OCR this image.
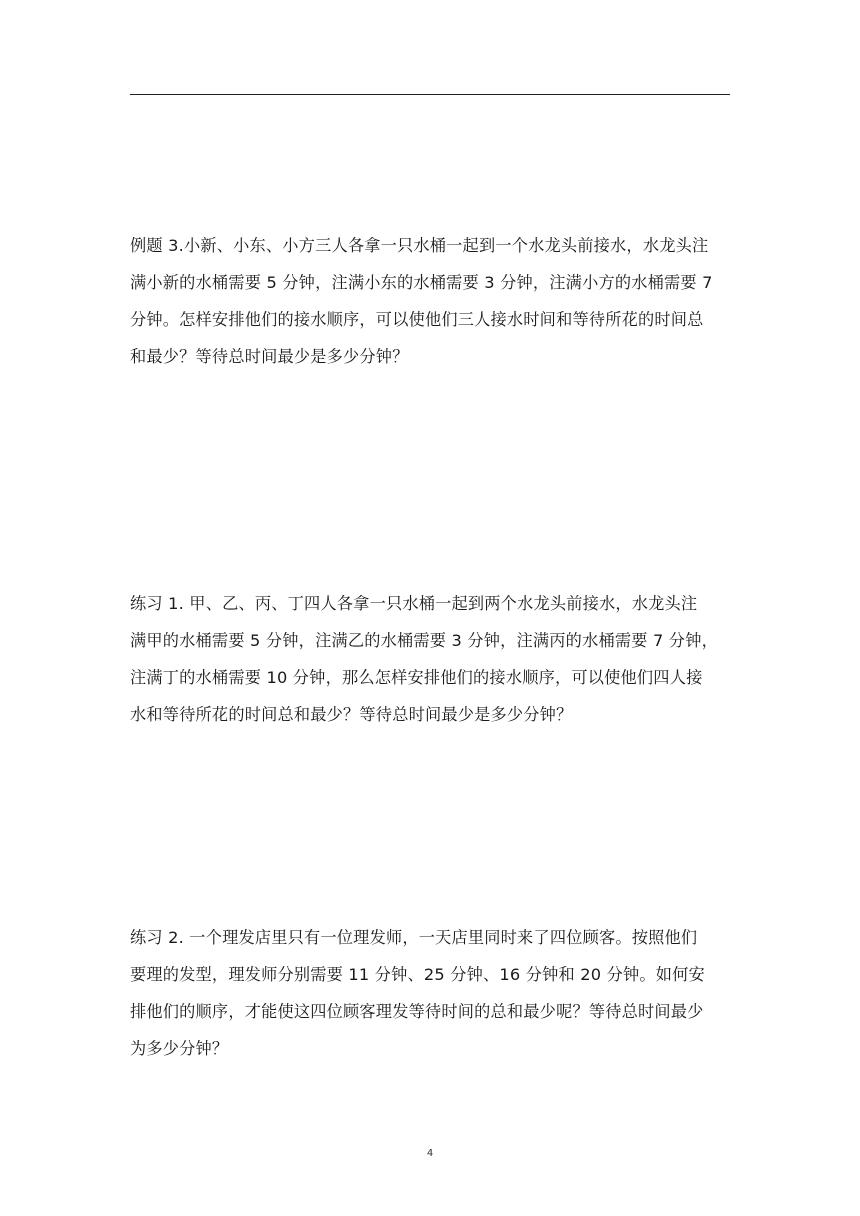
例题 3.小新、小东、小方三人各拿一只水桶一起到一个水龙头前接水，水龙头注
满小新的水桶需要 5 分钟，注满小东的水桶需要 3 分钟，注满小方的水桶需要 7
分钟。怎样安排他们的接水顺序，可以使他们三人接水时间和等待所花的时间总
和最少？等待总时间最少是多少分钟？
练习 1. 甲、乙、丙、丁四人各拿一只水桶一起到两个水龙头前接水，水龙头注
满甲的水桶需要 5 分钟，注满乙的水桶需要 3 分钟，注满丙的水桶需要 7 分钟，
注满丁的水桶需要 10 分钟，那么怎样安排他们的接水顺序，可以使他们四人接
水和等待所花的时间总和最少？等待总时间最少是多少分钟？
练习 2. 一个理发店里只有一位理发师，一天店里同时来了四位顾客。按照他们
要理的发型，理发师分别需要 11 分钟、25 分钟、16 分钟和 20 分钟。如何安
排他们的顺序，才能使这四位顾客理发等待时间的总和最少呢？等待总时间最少
为多少分钟？
4
